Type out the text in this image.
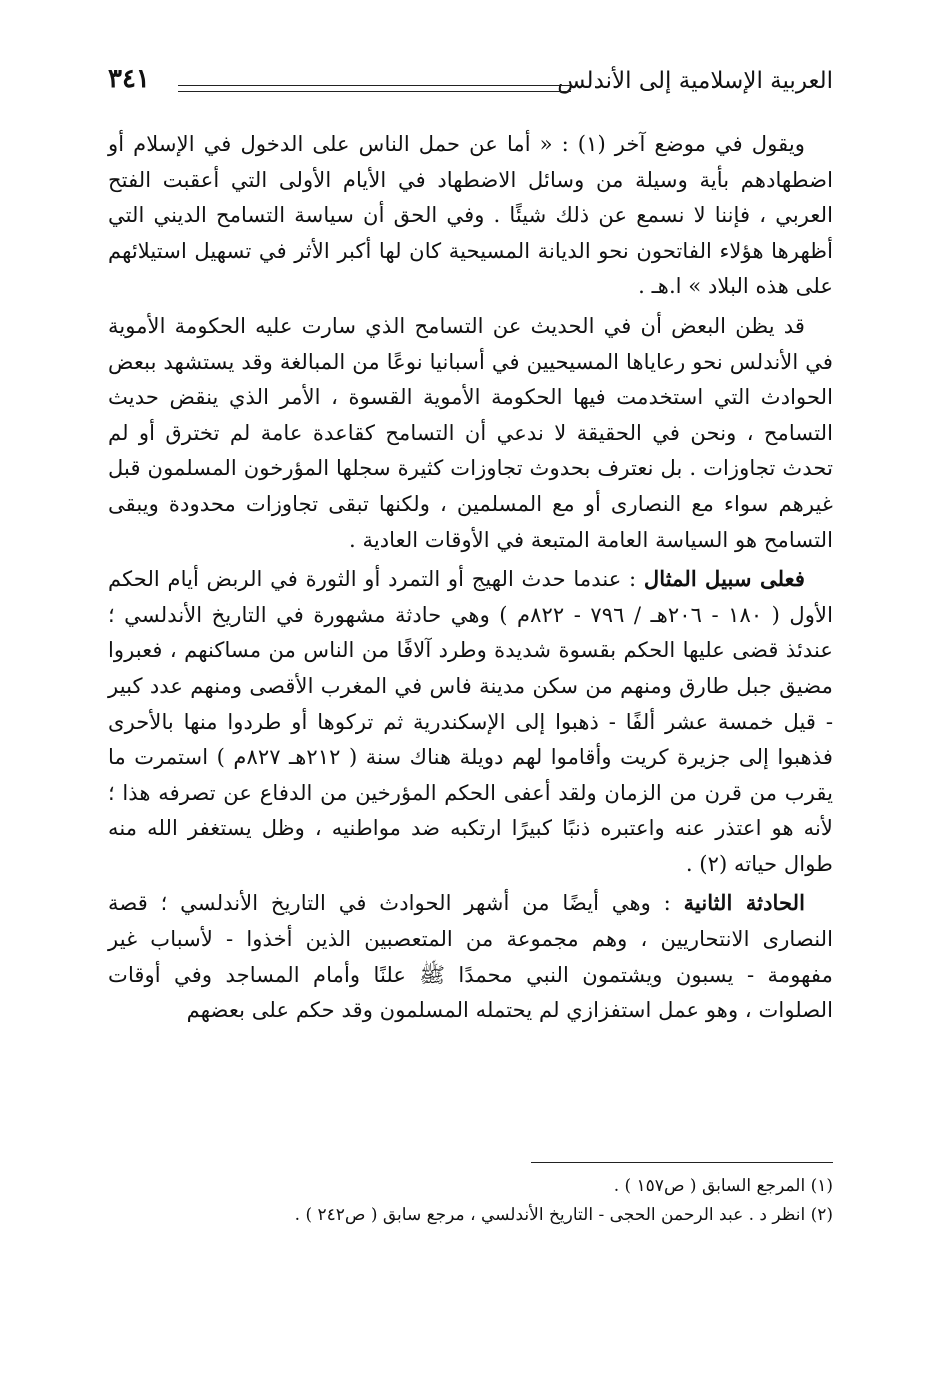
العربية الإسلامية إلى الأندلس
٣٤١

ويقول في موضع آخر (١) : « أما عن حمل الناس على الدخول في الإسلام أو اضطهادهم بأية وسيلة من وسائل الاضطهاد في الأيام الأولى التي أعقبت الفتح العربي ، فإننا لا نسمع عن ذلك شيئًا . وفي الحق أن سياسة التسامح الديني التي أظهرها هؤلاء الفاتحون نحو الديانة المسيحية كان لها أكبر الأثر في تسهيل استيلائهم على هذه البلاد » ا.هـ .

قد يظن البعض أن في الحديث عن التسامح الذي سارت عليه الحكومة الأموية في الأندلس نحو رعاياها المسيحيين في أسبانيا نوعًا من المبالغة وقد يستشهد ببعض الحوادث التي استخدمت فيها الحكومة الأموية القسوة ، الأمر الذي ينقض حديث التسامح ، ونحن في الحقيقة لا ندعي أن التسامح كقاعدة عامة لم تخترق أو لم تحدث تجاوزات . بل نعترف بحدوث تجاوزات كثيرة سجلها المؤرخون المسلمون قبل غيرهم سواء مع النصارى أو مع المسلمين ، ولكنها تبقى تجاوزات محدودة ويبقى التسامح هو السياسة العامة المتبعة في الأوقات العادية .

فعلى سبيل المثال : عندما حدث الهيج أو التمرد أو الثورة في الربض أيام الحكم الأول ( ١٨٠ - ٢٠٦هـ / ٧٩٦ - ٨٢٢م ) وهي حادثة مشهورة في التاريخ الأندلسي ؛ عندئذ قضى عليها الحكم بقسوة شديدة وطرد آلافًا من الناس من مساكنهم ، فعبروا مضيق جبل طارق ومنهم من سكن مدينة فاس في المغرب الأقصى ومنهم عدد كبير - قيل خمسة عشر ألفًا - ذهبوا إلى الإسكندرية ثم تركوها أو طردوا منها بالأحرى فذهبوا إلى جزيرة كريت وأقاموا لهم دويلة هناك سنة ( ٢١٢هـ ٨٢٧م ) استمرت ما يقرب من قرن من الزمان ولقد أعفى الحكم المؤرخين من الدفاع عن تصرفه هذا ؛ لأنه هو اعتذر عنه واعتبره ذنبًا كبيرًا ارتكبه ضد مواطنيه ، وظل يستغفر الله منه طوال حياته (٢) .

الحادثة الثانية : وهي أيضًا من أشهر الحوادث في التاريخ الأندلسي ؛ قصة النصارى الانتحاريين ، وهم مجموعة من المتعصبين الذين أخذوا - لأسباب غير مفهومة - يسبون ويشتمون النبي محمدًا ﷺ علنًا وأمام المساجد وفي أوقات الصلوات ، وهو عمل استفزازي لم يحتمله المسلمون وقد حكم على بعضهم

(١) المرجع السابق ( ص١٥٧ ) .
(٢) انظر د . عبد الرحمن الحجى - التاريخ الأندلسي ، مرجع سابق ( ص٢٤٢ ) .
